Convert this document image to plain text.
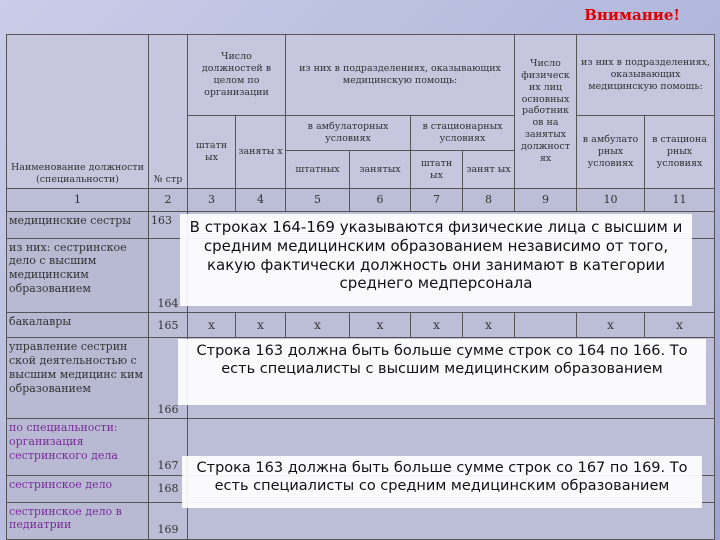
Внимание!
Наименование должности (специальности)	№ стр	Число должностей в целом по организации		из них в подразделениях, оказывающих медицинскую помощь:				Число физическ их лиц основных работник ов на занятых должност ях	из них в подразделениях, оказывающих медицинскую помощь:	
		штатн ых	заняты х	в амбулаторных условиях		в стационарных условиях			в амбулато рных условиях	в стациона рных условиях
				штатных	занятых	штатн ых	занят ых			
1	2	3	4	5	6	7	8	9	10	11
медицинские сестры	163									
из них: сестринское дело с высшим медицинским образованием	164									
бакалавры	165	x	x	x	x	x	x		x	x
управление сестрин ской деятельностью с высшим медицинс ким образованием	166									
по специальности: организация сестринского дела	167									
сестринское дело	168									
сестринское дело в педиатрии	169									
В строках 164-169 указываются физические лица с высшим и средним медицинским образованием независимо от того, какую фактически должность они занимают в категории среднего медперсонала
Строка 163 должна быть больше сумме строк со 164 по 166. То есть специалисты с высшим медицинским образованием
Строка 163 должна быть больше сумме строк со 167 по 169. То есть специалисты со средним медицинским образованием
